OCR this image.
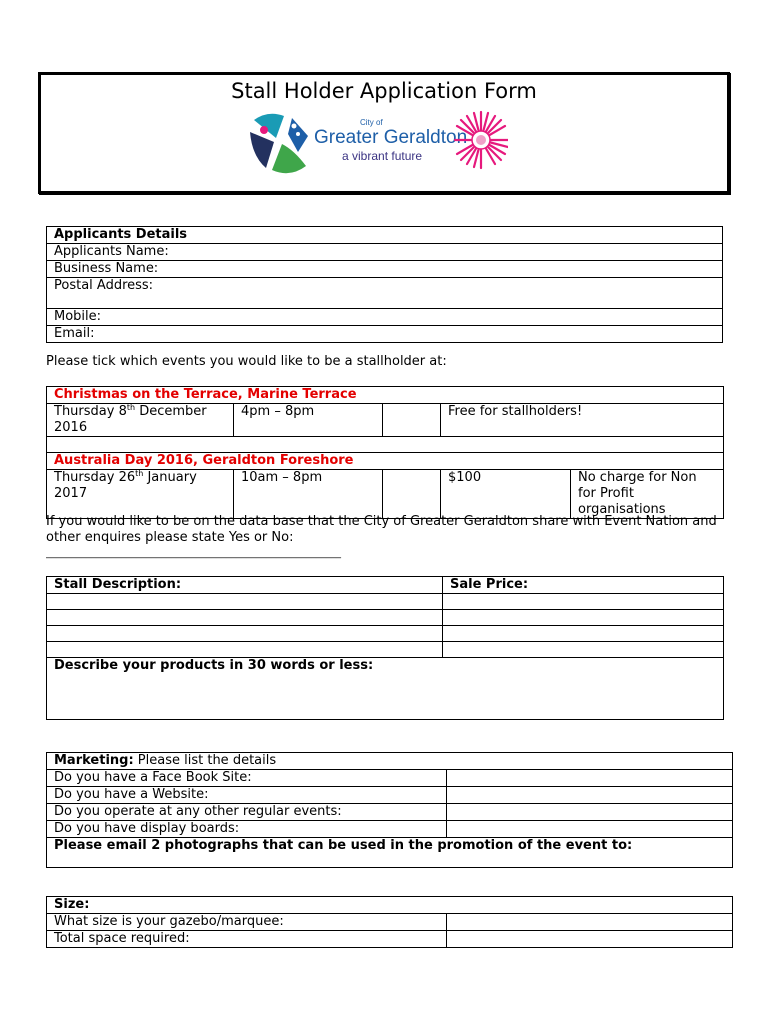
Stall Holder Application Form
City of
Greater Geraldton
a vibrant future
Applicants Details
Applicants Name:
Business Name:
Postal Address:
Mobile:
Email:
Please tick which events you would like to be a stallholder at:
Christmas on the Terrace, Marine Terrace				
Thursday 8th December 2016	4pm – 8pm		Free for stallholders!	

Australia Day 2016, Geraldton Foreshore				
Thursday 26th January 2017	10am – 8pm		$100	No charge for Non for Profit organisations
If you would like to be on the data base that the City of Greater Geraldton share with Event Nation and other enquires please state Yes or No:
___________________________________________________________
Stall Description:	Sale Price:

Describe your products in 30 words or less:	
Marketing: Please list the details	
Do you have a Face Book Site:	
Do you have a Website:	
Do you operate at any other regular events:	
Do you have display boards:	
Please email 2 photographs that can be used in the promotion of the event to:	
Size:	
What size is your gazebo/marquee:	
Total space required:	
